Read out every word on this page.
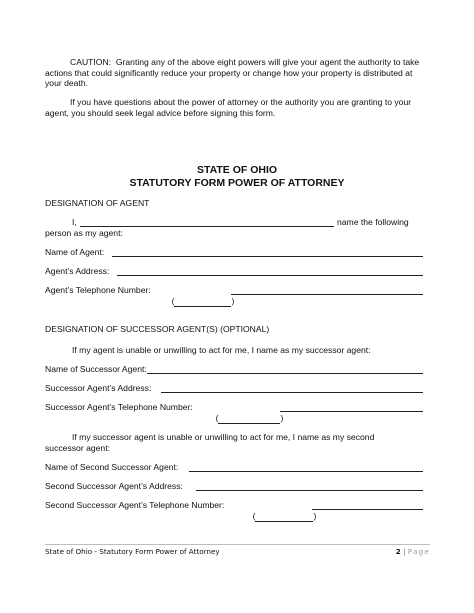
CAUTION:  Granting any of the above eight powers will give your agent the authority to take actions that could significantly reduce your property or change how your property is distributed at your death.
If you have questions about the power of attorney or the authority you are granting to your agent, you should seek legal advice before signing this form.
STATE OF OHIO
STATUTORY FORM POWER OF ATTORNEY
DESIGNATION OF AGENT
I,	name the following
person as my agent:
Name of Agent:
Agent’s Address:
Agent’s Telephone Number:

(	)

DESIGNATION OF SUCCESSOR AGENT(S) (OPTIONAL)
If my agent is unable or unwilling to act for me, I name as my successor agent:
Name of Successor Agent:
Successor Agent’s Address:
Successor Agent’s Telephone Number:

(	)

If my successor agent is unable or unwilling to act for me, I name as my second successor agent:
Name of Second Successor Agent:
Second Successor Agent’s Address:
Second Successor Agent’s Telephone Number:

(	)

State of Ohio - Statutory Form Power of Attorney	2 | Page
